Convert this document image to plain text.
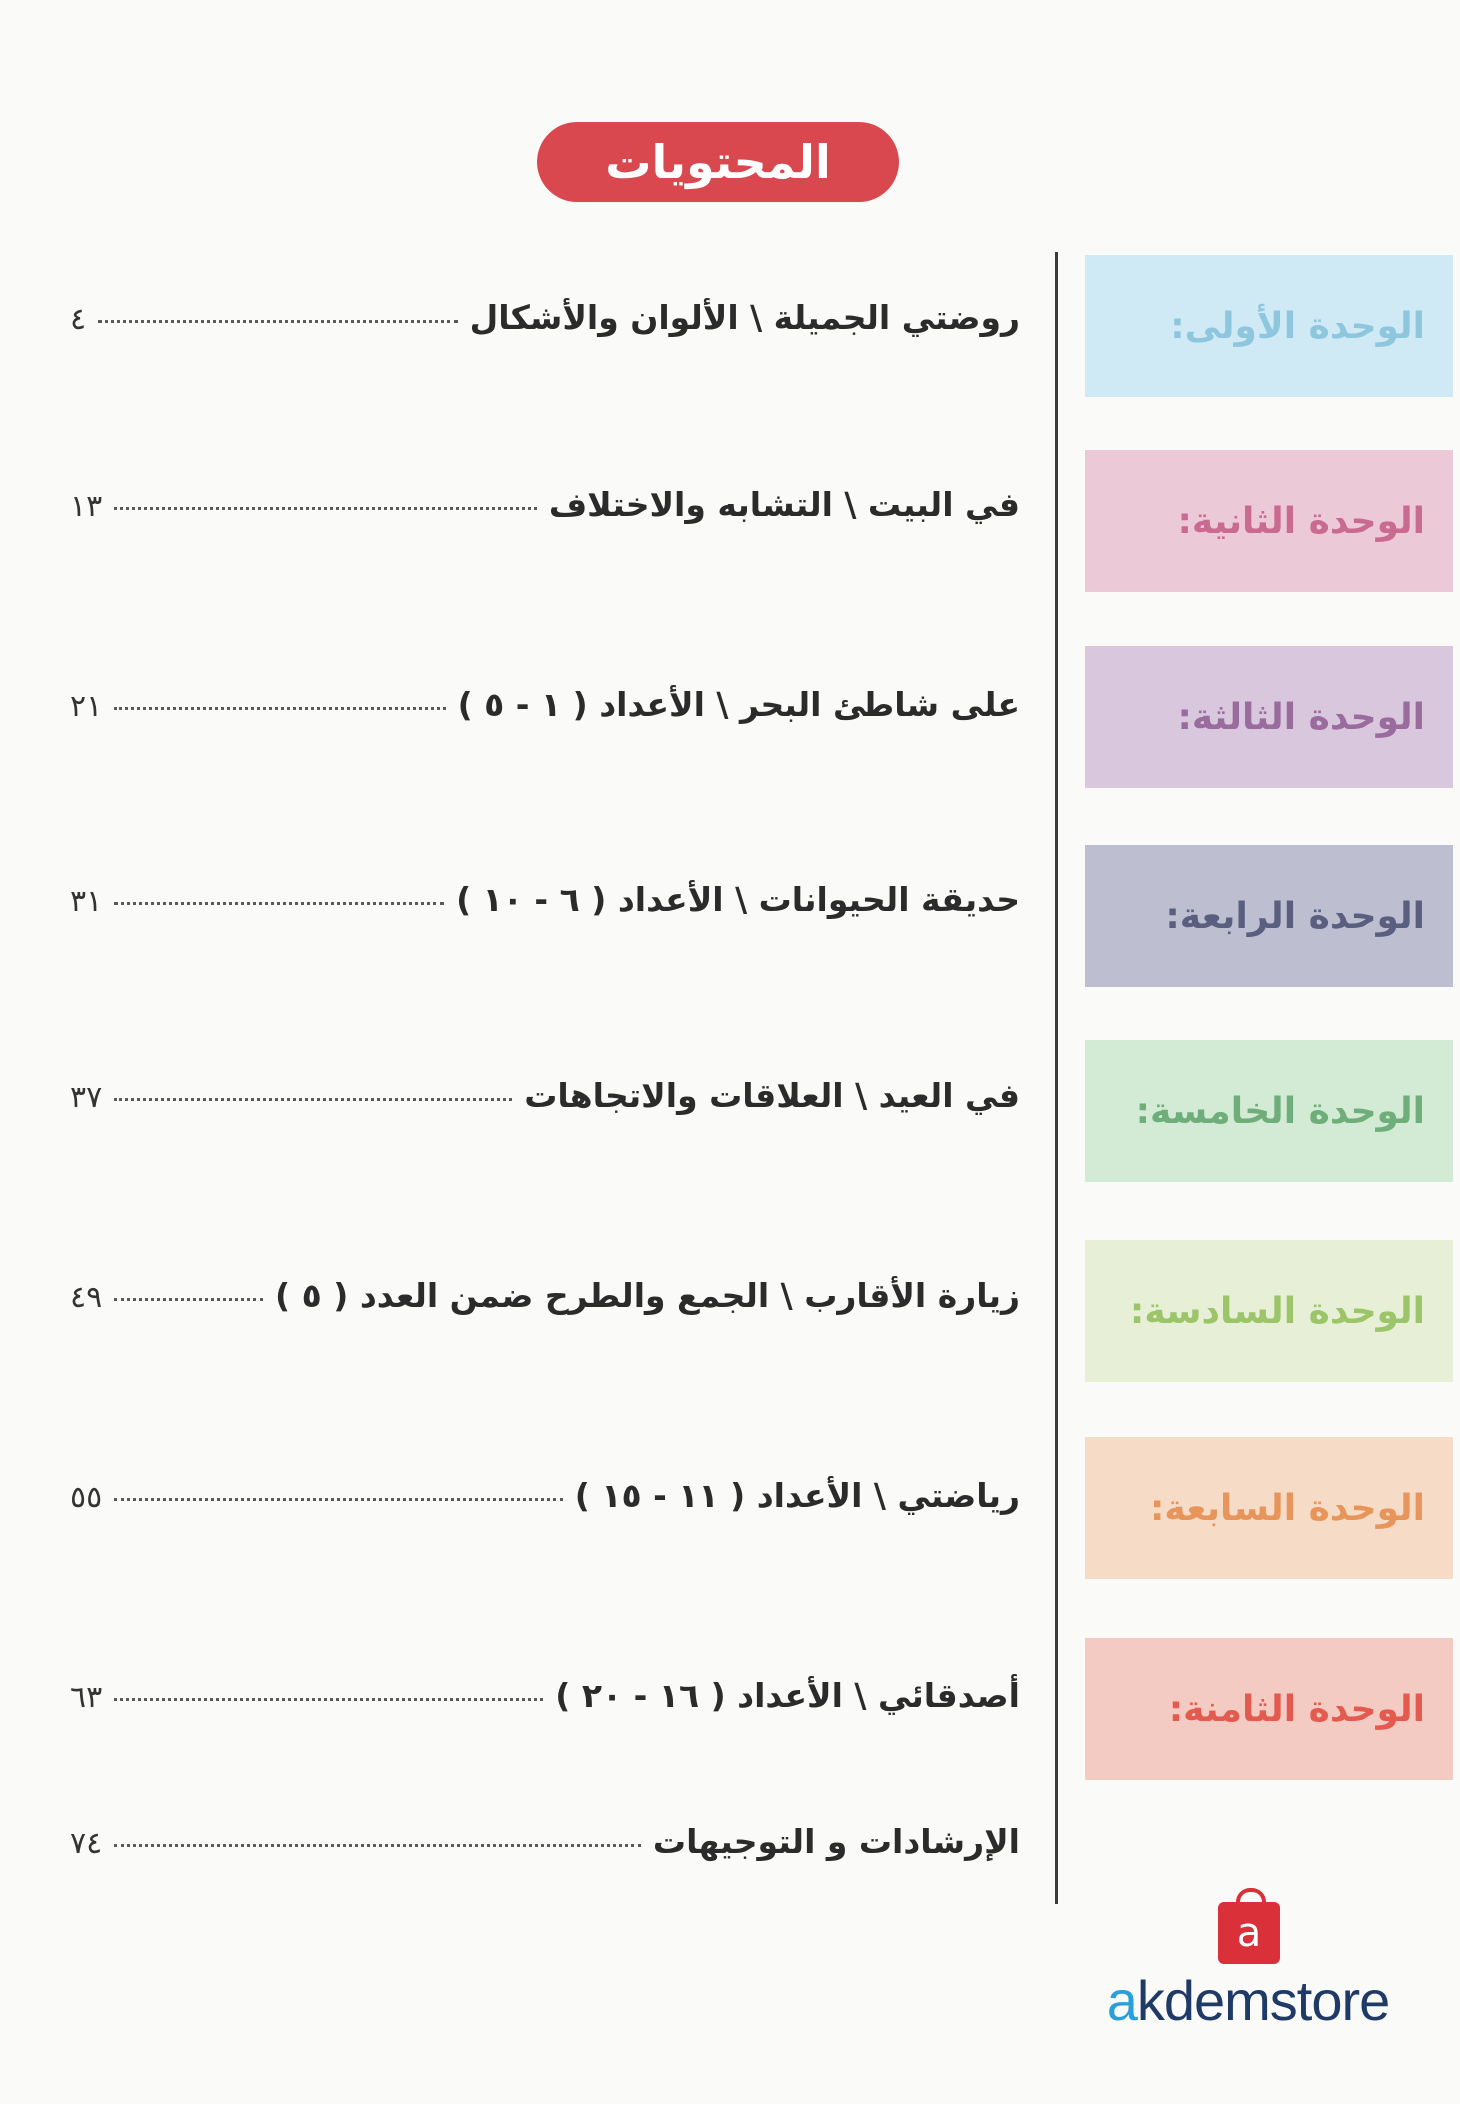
المحتويات
الوحدة الأولى:
الوحدة الثانية:
الوحدة الثالثة:
الوحدة الرابعة:
الوحدة الخامسة:
الوحدة السادسة:
الوحدة السابعة:
الوحدة الثامنة:
روضتي الجميلة \ الألوان والأشكال
٤
في البيت \ التشابه والاختلاف
١٣
على شاطئ البحر \ الأعداد ( ١ - ٥ )
٢١
حديقة الحيوانات \ الأعداد ( ٦ - ١٠ )
٣١
في العيد \ العلاقات والاتجاهات
٣٧
زيارة الأقارب \ الجمع والطرح ضمن العدد ( ٥ )
٤٩
رياضتي \ الأعداد ( ١١ - ١٥ )
٥٥
أصدقائي \ الأعداد ( ١٦ - ٢٠ )
٦٣
الإرشادات و التوجيهات
٧٤
a
akdemstore
